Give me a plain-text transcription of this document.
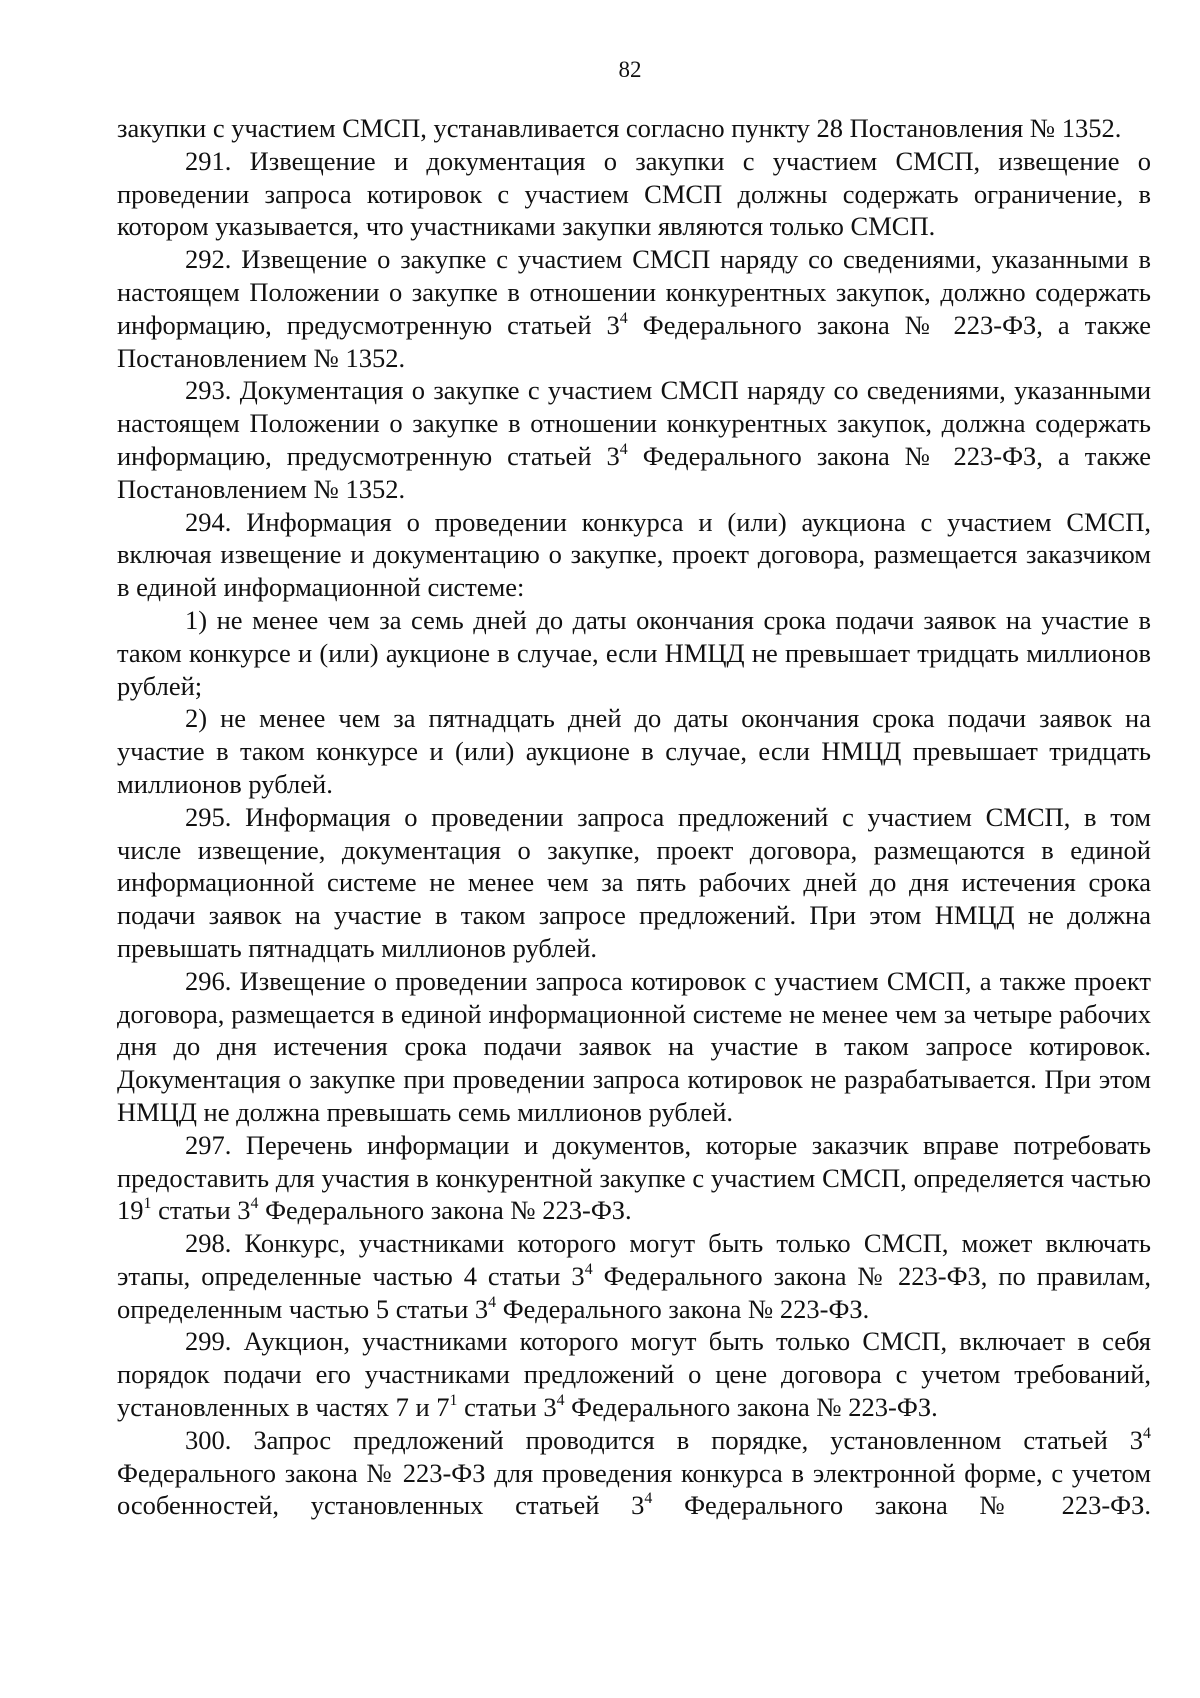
82

закупки с участием СМСП, устанавливается согласно пункту 28 Постановления № 1352.

291. Извещение и документация о закупки с участием СМСП, извещение о проведении запроса котировок с участием СМСП должны содержать ограничение, в котором указывается, что участниками закупки являются только СМСП.

292. Извещение о закупке с участием СМСП наряду со сведениями, указанными в настоящем Положении о закупке в отношении конкурентных закупок, должно содержать информацию, предусмотренную статьей $3^4$ Федерального закона № 223-ФЗ, а также Постановлением № 1352.

293. Документация о закупке с участием СМСП наряду со сведениями, указанными настоящем Положении о закупке в отношении конкурентных закупок, должна содержать информацию, предусмотренную статьей $3^4$ Федерального закона № 223-ФЗ, а также Постановлением № 1352.

294. Информация о проведении конкурса и (или) аукциона с участием СМСП, включая извещение и документацию о закупке, проект договора, размещается заказчиком в единой информационной системе:

1) не менее чем за семь дней до даты окончания срока подачи заявок на участие в таком конкурсе и (или) аукционе в случае, если НМЦД не превышает тридцать миллионов рублей;

2) не менее чем за пятнадцать дней до даты окончания срока подачи заявок на участие в таком конкурсе и (или) аукционе в случае, если НМЦД превышает тридцать миллионов рублей.

295. Информация о проведении запроса предложений с участием СМСП, в том числе извещение, документация о закупке, проект договора, размещаются в единой информационной системе не менее чем за пять рабочих дней до дня истечения срока подачи заявок на участие в таком запросе предложений. При этом НМЦД не должна превышать пятнадцать миллионов рублей.

296. Извещение о проведении запроса котировок с участием СМСП, а также проект договора, размещается в единой информационной системе не менее чем за четыре рабочих дня до дня истечения срока подачи заявок на участие в таком запросе котировок. Документация о закупке при проведении запроса котировок не разрабатывается. При этом НМЦД не должна превышать семь миллионов рублей.

297. Перечень информации и документов, которые заказчик вправе потребовать предоставить для участия в конкурентной закупке с участием СМСП, определяется частью $19^1$ статьи $3^4$ Федерального закона № 223-ФЗ.

298. Конкурс, участниками которого могут быть только СМСП, может включать этапы, определенные частью 4 статьи $3^4$ Федерального закона № 223-ФЗ, по правилам, определенным частью 5 статьи $3^4$ Федерального закона № 223-ФЗ.

299. Аукцион, участниками которого могут быть только СМСП, включает в себя порядок подачи его участниками предложений о цене договора с учетом требований, установленных в частях 7 и $7^1$ статьи $3^4$ Федерального закона № 223-ФЗ.

300. Запрос предложений проводится в порядке, установленном статьей $3^4$ Федерального закона № 223-ФЗ для проведения конкурса в электронной форме, с учетом особенностей, установленных статьей $3^4$ Федерального закона № 223-ФЗ.
